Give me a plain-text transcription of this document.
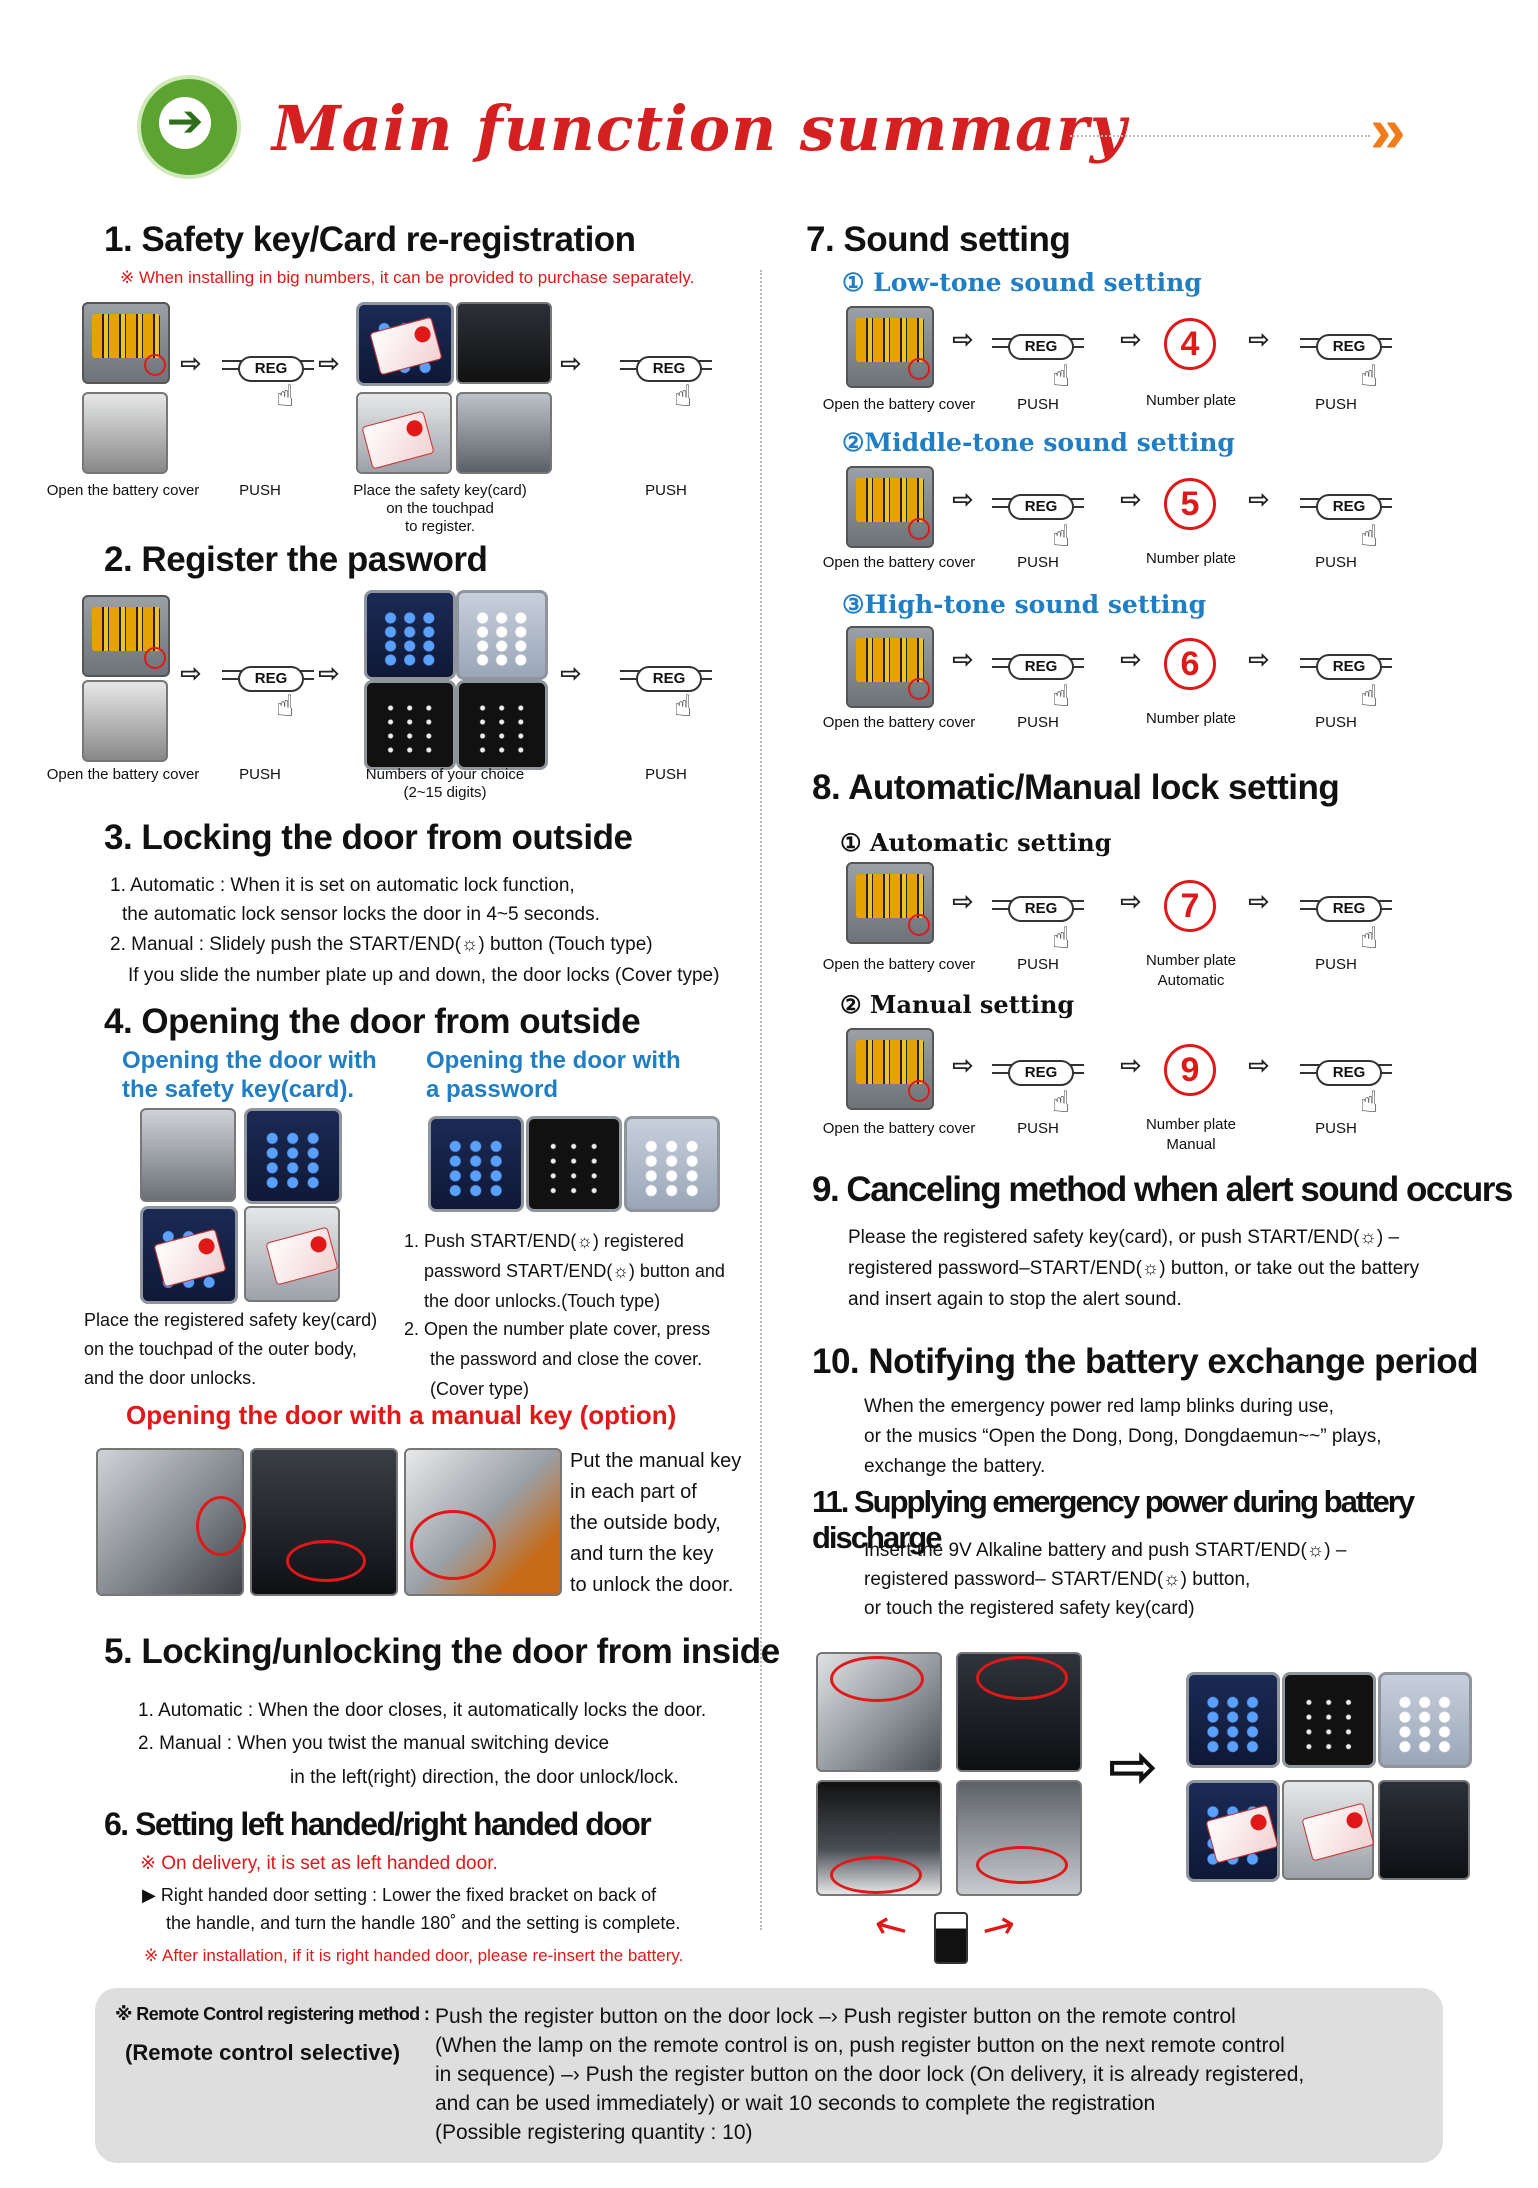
➔ Main function summary	»
1. Safety key/Card re-registration
※ When installing in big numbers, it can be provided to purchase separately.
⇨	REG
☝
⇨	⇨	REG
☝
Open the battery cover	PUSH	Place the safety key(card)
on the touchpad
to register.
PUSH
2. Register the pasword
⇨	REG
☝
⇨	⇨	REG
☝
Open the battery cover	PUSH	Numbers of your choice
(2~15 digits)
PUSH
3. Locking the door from outside
1. Automatic : When it is set on automatic lock function,
the automatic lock sensor locks the door in 4~5 seconds.
2. Manual : Slidely push the START/END(☼) button (Touch type)
If you slide the number plate up and down, the door locks (Cover type)
4. Opening the door from outside
Opening the door with
the safety key(card).
Opening the door with
a password
Place the registered safety key(card)
on the touchpad of the outer body,
and the door unlocks.
1. Push START/END(☼) registered
password START/END(☼) button and
the door unlocks.(Touch type)
2. Open the number plate cover, press
the password and close the cover.
(Cover type)
Opening the door with a manual key (option)
Put the manual key
in each part of
the outside body,
and turn the key
to unlock the door.
5. Locking/unlocking the door from inside
1. Automatic : When the door closes, it automatically locks the door.
2. Manual : When you twist the manual switching device
in the left(right) direction, the door unlock/lock.
6. Setting left handed/right handed door
※ On delivery, it is set as left handed door.
▶ Right handed door setting : Lower the fixed bracket on back of
the handle, and turn the handle 180˚ and the setting is complete.
※ After installation, if it is right handed door, please re-insert the battery.
7. Sound setting
① Low-tone sound setting
⇨	REG
☝
⇨	4	⇨	REG
☝
Open the battery cover	PUSH	Number plate	PUSH
②Middle-tone sound setting
⇨	REG
☝
⇨	5	⇨	REG
☝
Open the battery cover	PUSH	Number plate	PUSH
③High-tone sound setting
⇨	REG
☝
⇨	6	⇨	REG
☝
Open the battery cover	PUSH	Number plate	PUSH
8. Automatic/Manual lock setting
① Automatic setting
⇨	REG
☝
⇨	7	⇨	REG
☝
Open the battery cover	PUSH	Number plate
Automatic
PUSH
② Manual setting
⇨	REG
☝
⇨	9	⇨	REG
☝
Open the battery cover	PUSH	Number plate
Manual
PUSH
9. Canceling method when alert sound occurs
Please the registered safety key(card), or push START/END(☼) –
registered password–START/END(☼) button, or take out the battery
and insert again to stop the alert sound.
10. Notifying the battery exchange period
When the emergency power red lamp blinks during use,
or the musics “Open the Dong, Dong, Dongdaemun~~” plays,
exchange the battery.
11. Supplying emergency power during battery discharge
Insert the 9V Alkaline battery and push START/END(☼) –
registered password– START/END(☼) button,
or touch the registered safety key(card)
↖ ↗
⇨
※ Remote Control registering method :
(Remote control selective)
Push the register button on the door lock –› Push register button on the remote control
(When the lamp on the remote control is on, push register button on the next remote control
in sequence) –› Push the register button on the door lock (On delivery, it is already registered,
and can be used immediately) or wait 10 seconds to complete the registration
(Possible registering quantity : 10)
